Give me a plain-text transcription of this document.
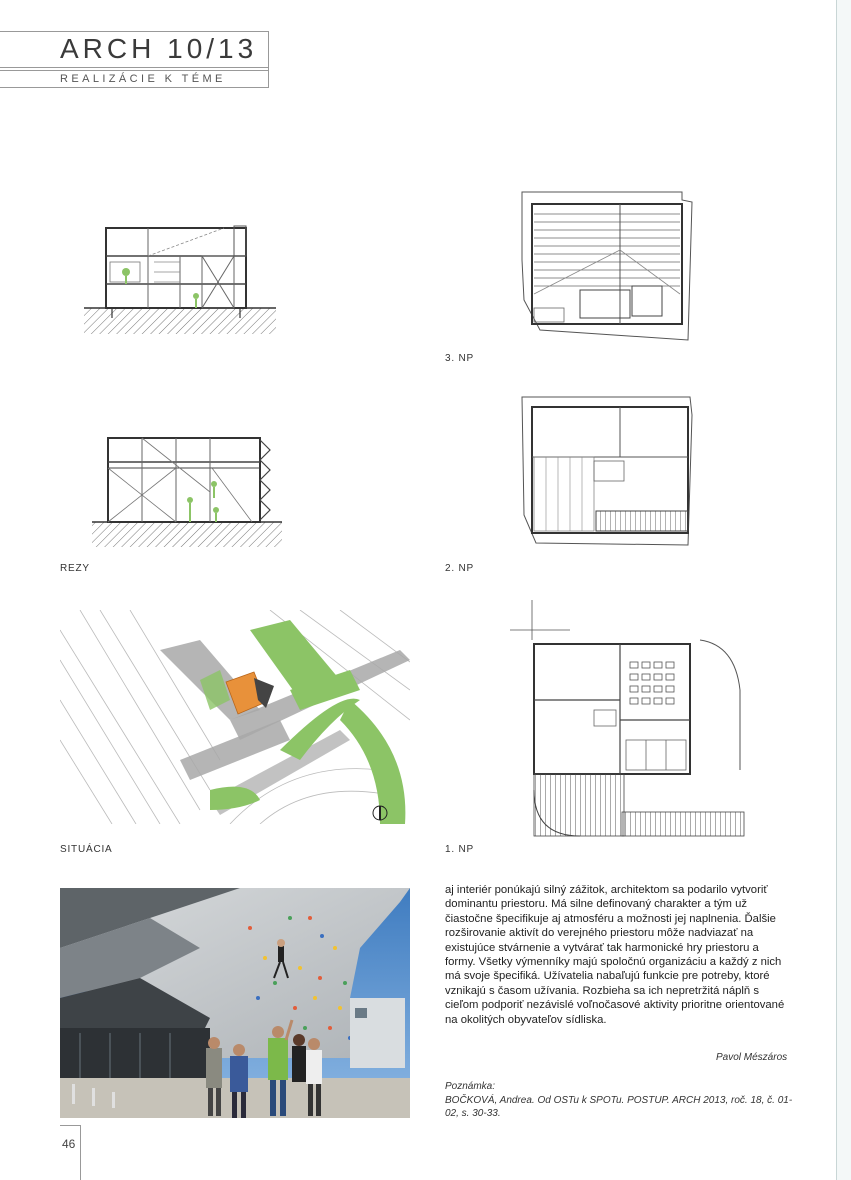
ARCH 10/13
REALIZÁCIE K TÉME
3. NP
2. NP
REZY
SITUÁCIA	1. NP

aj interiér ponúkajú silný zážitok, architektom sa podarilo vytvoriť dominantu priestoru. Má silne definovaný charakter a tým už čiastočne špecifikuje aj atmosféru a možnosti jej naplnenia. Ďalšie rozširovanie aktivít do verejného priestoru môže nadviazať na existujúce stvárnenie a vytvárať tak harmonické hry priestoru a formy. Všetky výmenníky majú spoločnú organizáciu a každý z nich má svoje špecifiká. Užívatelia nabaľujú funkcie pre potreby, ktoré vznikajú s časom užívania. Rozbieha sa ich nepretržitá náplň s cieľom podporiť nezávislé voľnočasové aktivity prioritne orientované na okolitých obyvateľov sídliska.

Pavol Mészáros
Poznámka:

BOČKOVÁ, Andrea. Od OSTu k SPOTu. POSTUP. ARCH 2013, roč. 18, č. 01-02, s. 30-33.

46
